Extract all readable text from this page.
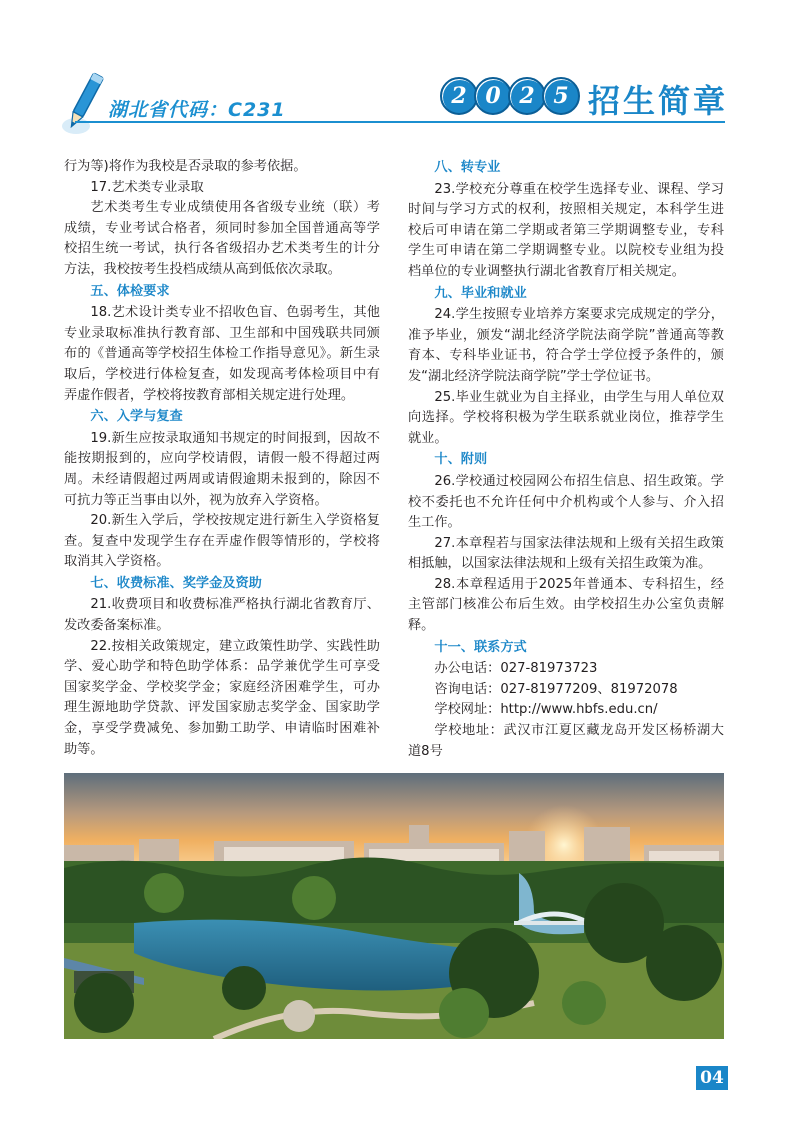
湖北省代码：C231
2 0 2 5 招生简章

行为等)将作为我校是否录取的参考依据。

17.艺术类专业录取

艺术类考生专业成绩使用各省级专业统（联）考成绩，专业考试合格者，须同时参加全国普通高等学校招生统一考试，执行各省级招办艺术类考生的计分方法，我校按考生投档成绩从高到低依次录取。

五、体检要求

18.艺术设计类专业不招收色盲、色弱考生，其他专业录取标准执行教育部、卫生部和中国残联共同颁布的《普通高等学校招生体检工作指导意见》。新生录取后，学校进行体检复查，如发现高考体检项目中有弄虚作假者，学校将按教育部相关规定进行处理。

六、入学与复查

19.新生应按录取通知书规定的时间报到，因故不能按期报到的，应向学校请假，请假一般不得超过两周。未经请假超过两周或请假逾期未报到的，除因不可抗力等正当事由以外，视为放弃入学资格。

20.新生入学后，学校按规定进行新生入学资格复查。复查中发现学生存在弄虚作假等情形的，学校将取消其入学资格。

七、收费标准、奖学金及资助

21.收费项目和收费标准严格执行湖北省教育厅、发改委备案标准。

22.按相关政策规定，建立政策性助学、实践性助学、爱心助学和特色助学体系：品学兼优学生可享受国家奖学金、学校奖学金；家庭经济困难学生，可办理生源地助学贷款、评发国家励志奖学金、国家助学金，享受学费减免、参加勤工助学、申请临时困难补助等。

八、转专业

23.学校充分尊重在校学生选择专业、课程、学习时间与学习方式的权利，按照相关规定，本科学生进校后可申请在第二学期或者第三学期调整专业，专科学生可申请在第二学期调整专业。以院校专业组为投档单位的专业调整执行湖北省教育厅相关规定。

九、毕业和就业

24.学生按照专业培养方案要求完成规定的学分，准予毕业，颁发“湖北经济学院法商学院”普通高等教育本、专科毕业证书，符合学士学位授予条件的，颁发“湖北经济学院法商学院”学士学位证书。

25.毕业生就业为自主择业，由学生与用人单位双向选择。学校将积极为学生联系就业岗位，推荐学生就业。

十、附则

26.学校通过校园网公布招生信息、招生政策。学校不委托也不允许任何中介机构或个人参与、介入招生工作。

27.本章程若与国家法律法规和上级有关招生政策相抵触，以国家法律法规和上级有关招生政策为准。

28.本章程适用于2025年普通本、专科招生，经主管部门核准公布后生效。由学校招生办公室负责解释。

十一、联系方式

办公电话：027-81973723

咨询电话：027-81977209、81972078

学校网址：http://www.hbfs.edu.cn/

学校地址：武汉市江夏区藏龙岛开发区杨桥湖大道8号

04
